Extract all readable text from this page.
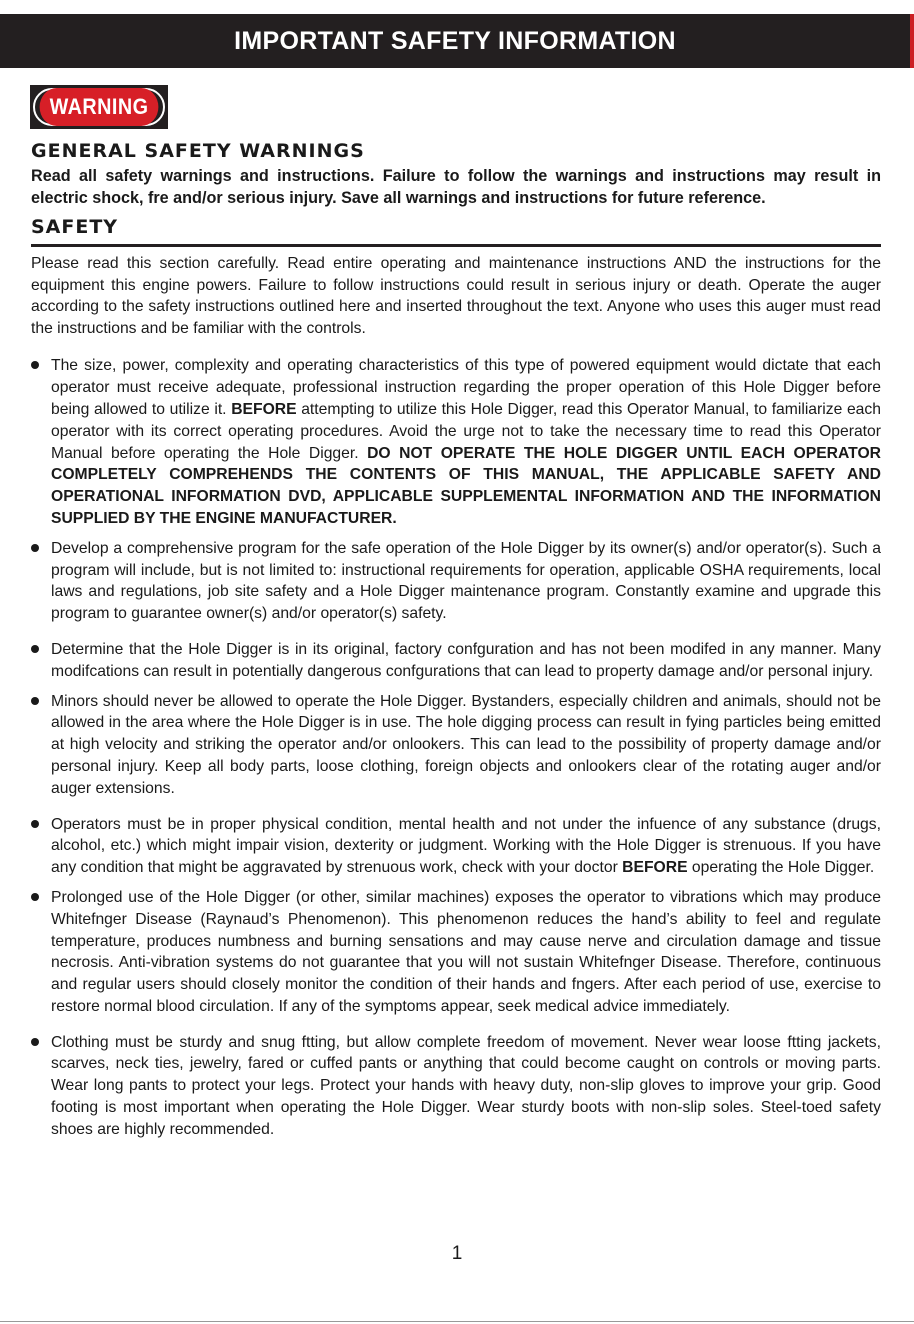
IMPORTANT SAFETY INFORMATION
WARNING
GENERAL SAFETY WARNINGS

Read all safety warnings and instructions. Failure to follow the warnings and instructions may result in electric shock, fre and/or serious injury. Save all warnings and instructions for future reference.

SAFETY

Please read this section carefully. Read entire operating and maintenance instructions AND the instructions for the equipment this engine powers. Failure to follow instructions could result in serious injury or death. Operate the auger according to the safety instructions outlined here and inserted throughout the text. Anyone who uses this auger must read the instructions and be familiar with the controls.

The size, power, complexity and operating characteristics of this type of powered equipment would dictate that each operator must receive adequate, professional instruction regarding the proper operation of this Hole Digger before being allowed to utilize it. BEFORE attempting to utilize this Hole Digger, read this Operator Manual, to familiarize each operator with its correct operating procedures. Avoid the urge not to take the necessary time to read this Operator Manual before operating the Hole Digger. DO NOT OPERATE THE HOLE DIGGER UNTIL EACH OPERATOR COMPLETELY COMPREHENDS THE CONTENTS OF THIS MANUAL, THE APPLICABLE SAFETY AND OPERATIONAL INFORMATION DVD, APPLICABLE SUPPLEMENTAL INFORMATION AND THE INFORMATION SUPPLIED BY THE ENGINE MANUFACTURER.
Develop a comprehensive program for the safe operation of the Hole Digger by its owner(s) and/or operator(s). Such a program will include, but is not limited to: instructional requirements for operation, applicable OSHA requirements, local laws and regulations, job site safety and a Hole Digger maintenance program. Constantly examine and upgrade this program to guarantee owner(s) and/or operator(s) safety.
Determine that the Hole Digger is in its original, factory confguration and has not been modifed in any manner. Many modifcations can result in potentially dangerous confgurations that can lead to property damage and/or personal injury.
Minors should never be allowed to operate the Hole Digger. Bystanders, especially children and animals, should not be allowed in the area where the Hole Digger is in use. The hole digging process can result in fying particles being emitted at high velocity and striking the operator and/or onlookers. This can lead to the possibility of property damage and/or personal injury. Keep all body parts, loose clothing, foreign objects and onlookers clear of the rotating auger and/or auger extensions.
Operators must be in proper physical condition, mental health and not under the infuence of any substance (drugs, alcohol, etc.) which might impair vision, dexterity or judgment. Working with the Hole Digger is strenuous. If you have any condition that might be aggravated by strenuous work, check with your doctor BEFORE operating the Hole Digger.
Prolonged use of the Hole Digger (or other, similar machines) exposes the operator to vibrations which may produce Whitefnger Disease (Raynaud’s Phenomenon). This phenomenon reduces the hand’s ability to feel and regulate temperature, produces numbness and burning sensations and may cause nerve and circulation damage and tissue necrosis. Anti-vibration systems do not guarantee that you will not sustain Whitefnger Disease. Therefore, continuous and regular users should closely monitor the condition of their hands and fngers. After each period of use, exercise to restore normal blood circulation. If any of the symptoms appear, seek medical advice immediately.
Clothing must be sturdy and snug ftting, but allow complete freedom of movement. Never wear loose ftting jackets, scarves, neck ties, jewelry, fared or cuffed pants or anything that could become caught on controls or moving parts. Wear long pants to protect your legs. Protect your hands with heavy duty, non-slip gloves to improve your grip. Good footing is most important when operating the Hole Digger. Wear sturdy boots with non-slip soles. Steel-toed safety shoes are highly recommended.
1
